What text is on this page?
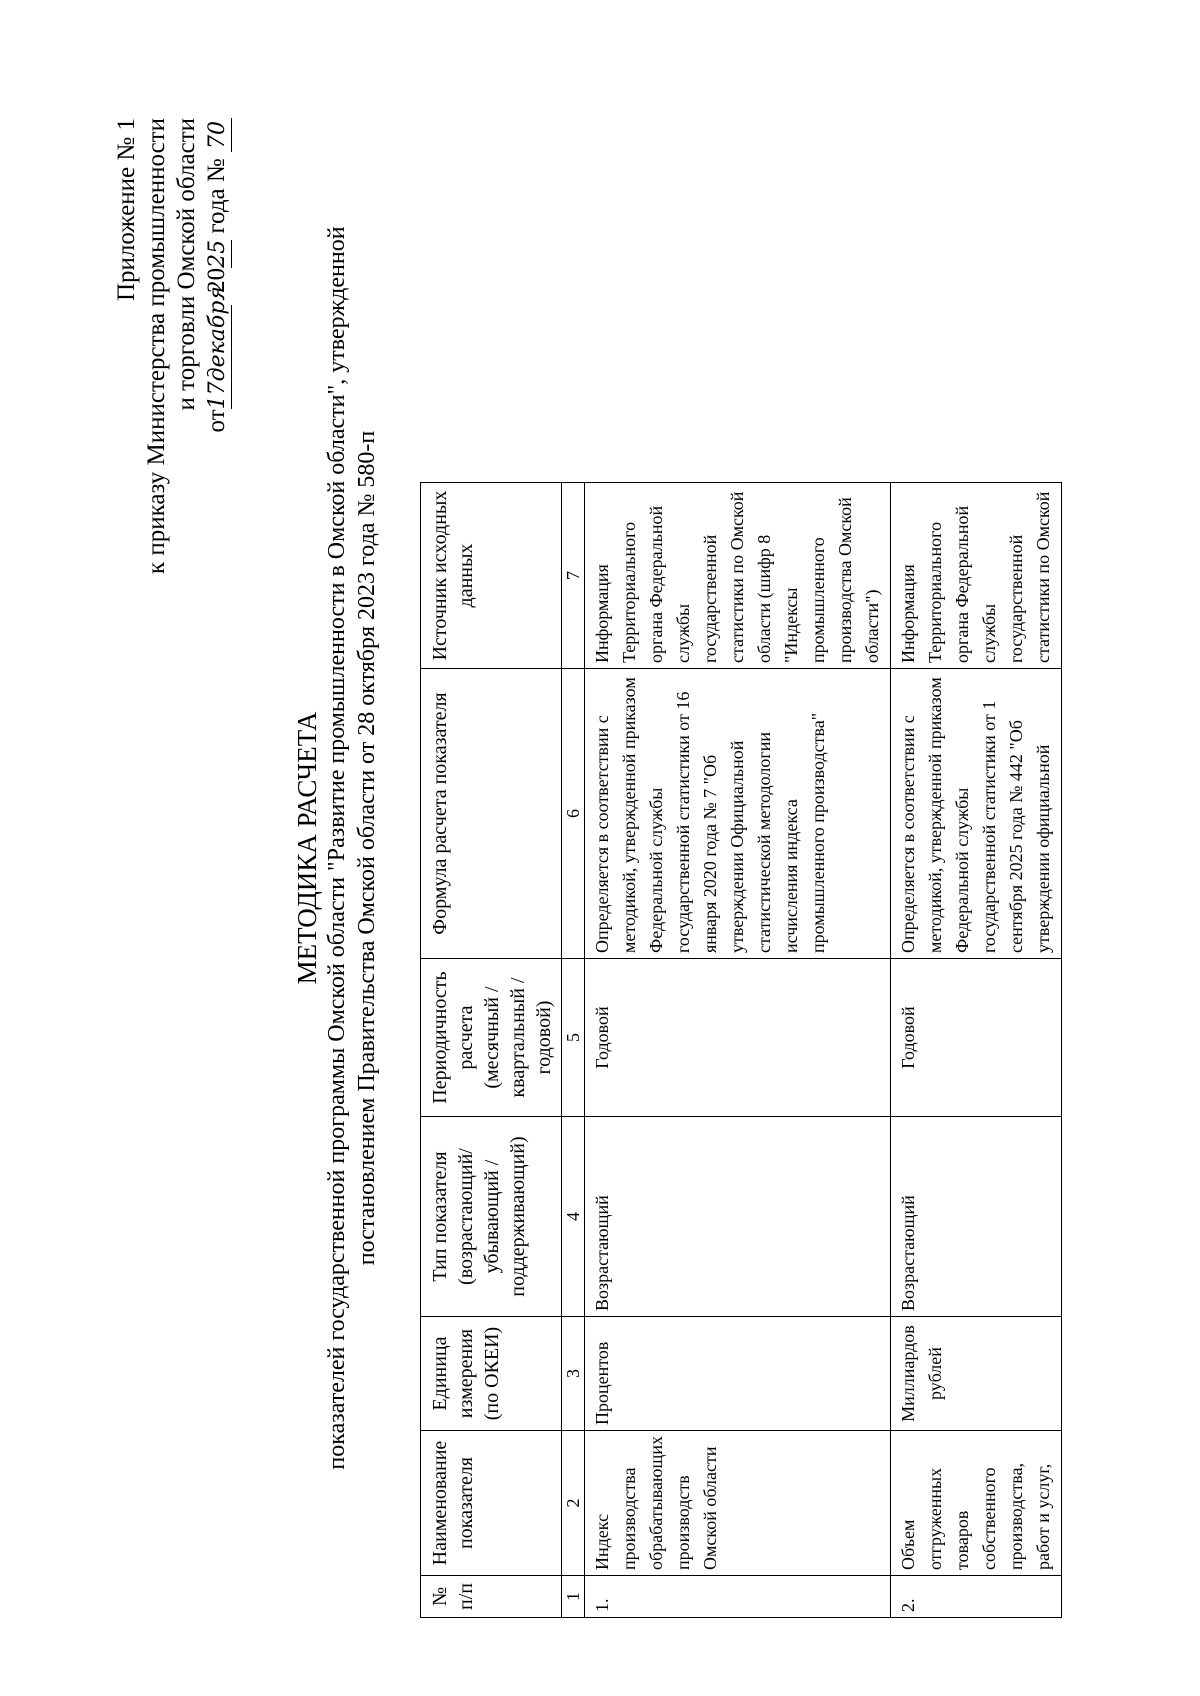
Приложение № 1 к приказу Министерства промышленности и торговли Омской области
от17декабря  2025 года № 70
МЕТОДИКА РАСЧЕТА показателей государственной программы Омской области "Развитие промышленности в Омской области", утвержденной постановлением Правительства Омской области от 28 октября 2023 года № 580-п
№ п/п	Наименование показателя	Единица измерения (по ОКЕИ)	Тип показателя (возрастающий/ убывающий / поддерживающий)	Периодичность расчета (месячный / квартальный / годовой)	Формула расчета показателя	Источник исходных данных
1	2	3	4	5	6	7
1.	Индекс производства обрабатывающих производств Омской области	Процентов	Возрастающий	Годовой	Определяется в соответствии с методикой, утвержденной приказом Федеральной службы государственной статистики от 16 января 2020 года № 7 "Об утверждении Официальной статистической методологии исчисления индекса промышленного производства"	Информация Территориального органа Федеральной службы государственной статистики по Омской области (шифр 8 "Индексы промышленного производства Омской области")
2.	Объем отгруженных товаров собственного производства, работ и услуг,	Миллиардов рублей	Возрастающий	Годовой	Определяется в соответствии с методикой, утвержденной приказом Федеральной службы государственной статистики от 1 сентября 2025 года № 442 "Об утверждении официальной	Информация Территориального органа Федеральной службы государственной статистики по Омской
